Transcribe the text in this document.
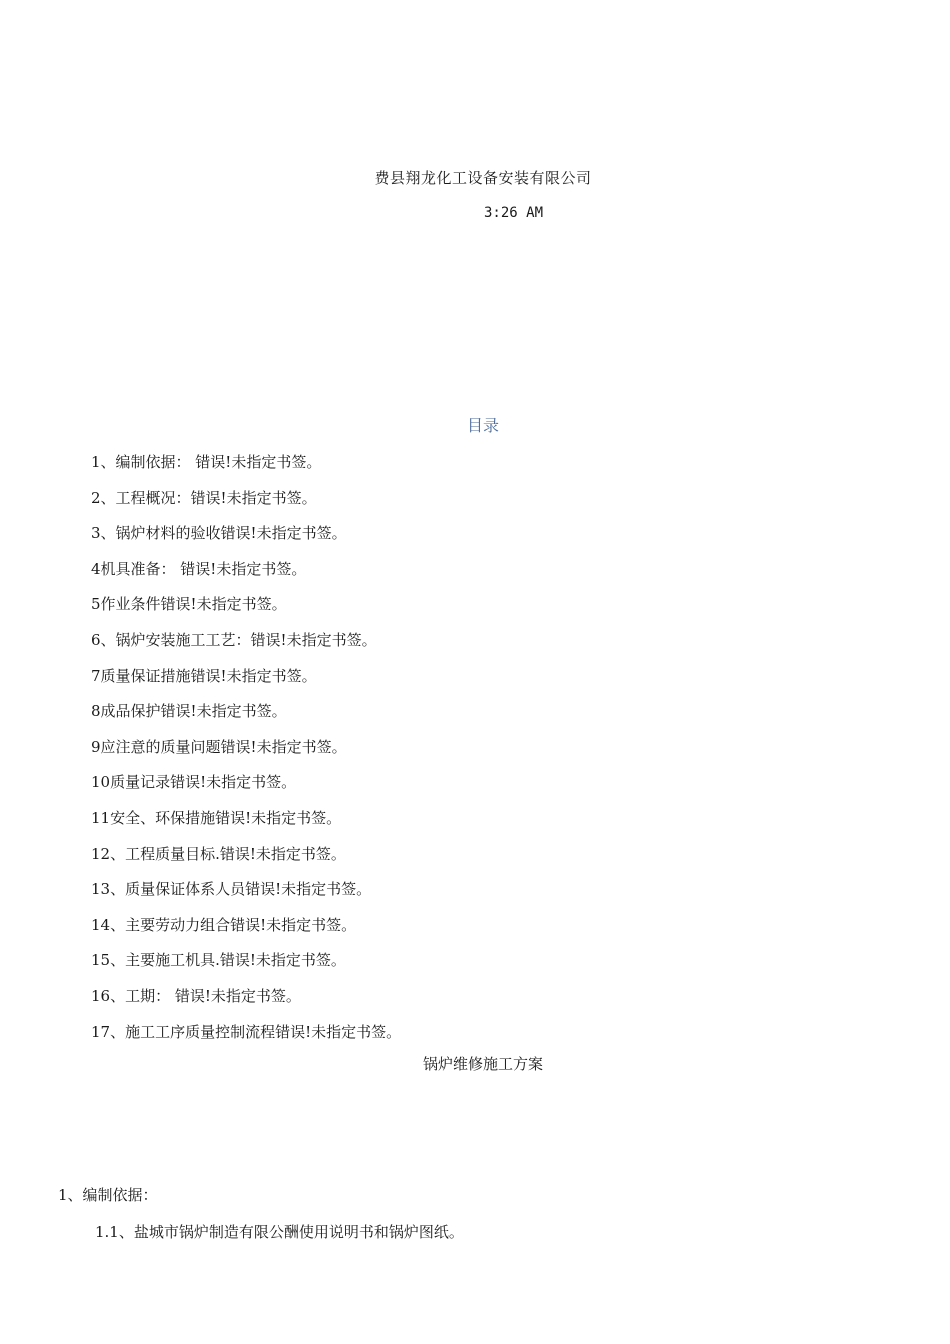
费县翔龙化工设备安装有限公司
3:26 AM
目录
1、编制依据： 错误!未指定书签。
2、工程概况：错误!未指定书签。
3、锅炉材料的验收错误!未指定书签。
4机具准备： 错误!未指定书签。
5作业条件错误!未指定书签。
6、锅炉安装施工工艺：错误!未指定书签。
7质量保证措施错误!未指定书签。
8成品保护错误!未指定书签。
9应注意的质量问题错误!未指定书签。
10质量记录错误!未指定书签。
11安全、环保措施错误!未指定书签。
12、工程质量目标.错误!未指定书签。
13、质量保证体系人员错误!未指定书签。
14、主要劳动力组合错误!未指定书签。
15、主要施工机具.错误!未指定书签。
16、工期： 错误!未指定书签。
17、施工工序质量控制流程错误!未指定书签。
锅炉维修施工方案
1、编制依据：
1.1、盐城市锅炉制造有限公酬使用说明书和锅炉图纸。
